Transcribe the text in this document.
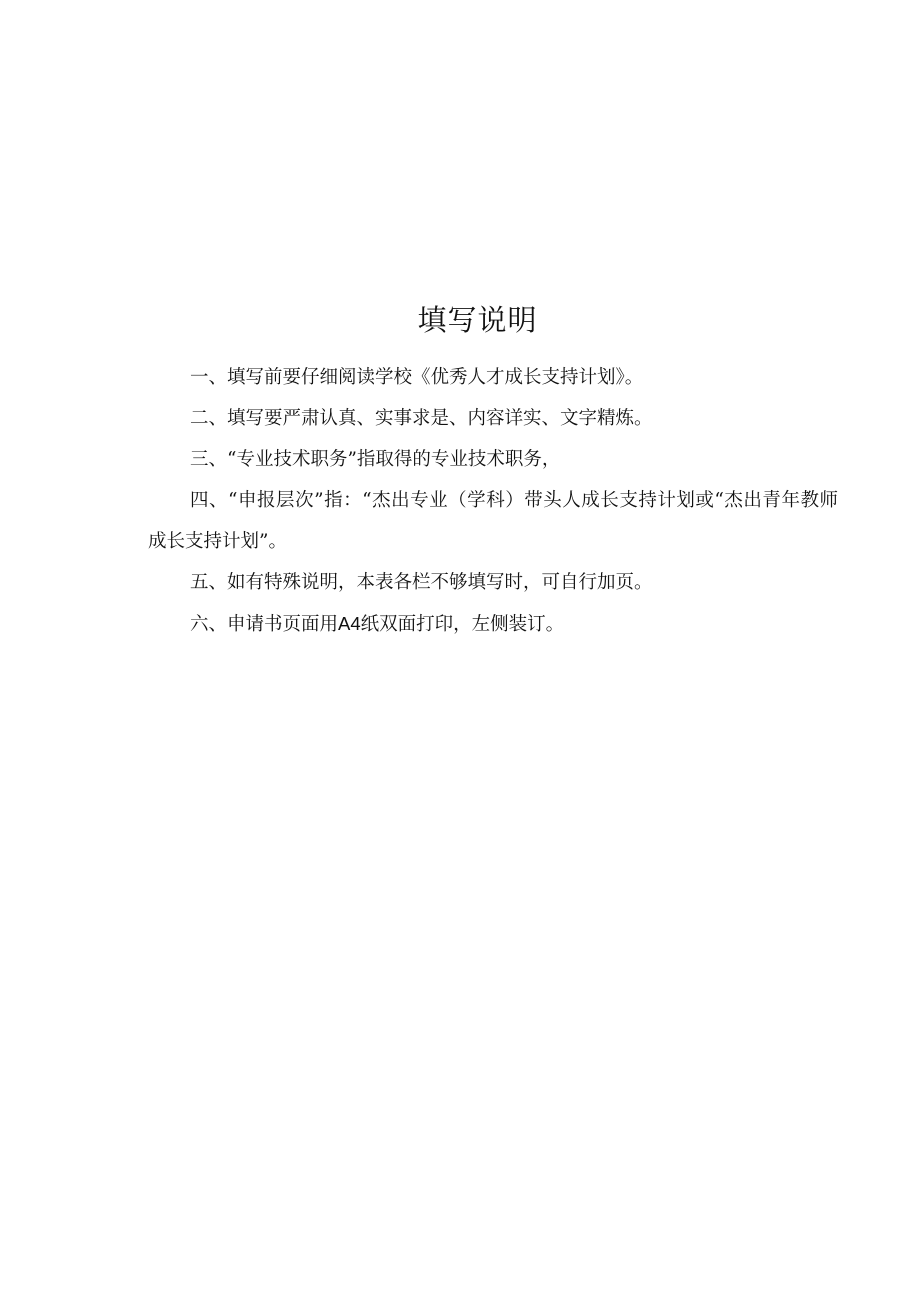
填写说明

一、填写前要仔细阅读学校《优秀人才成长支持计划》。

二、填写要严肃认真、实事求是、内容详实、文字精炼。

三、“专业技术职务”指取得的专业技术职务，

四、“申报层次”指：“杰出专业（学科）带头人成长支持计划或“杰出青年教师成长支持计划”。

五、如有特殊说明，本表各栏不够填写时，可自行加页。

六、申请书页面用A4纸双面打印，左侧装订。
